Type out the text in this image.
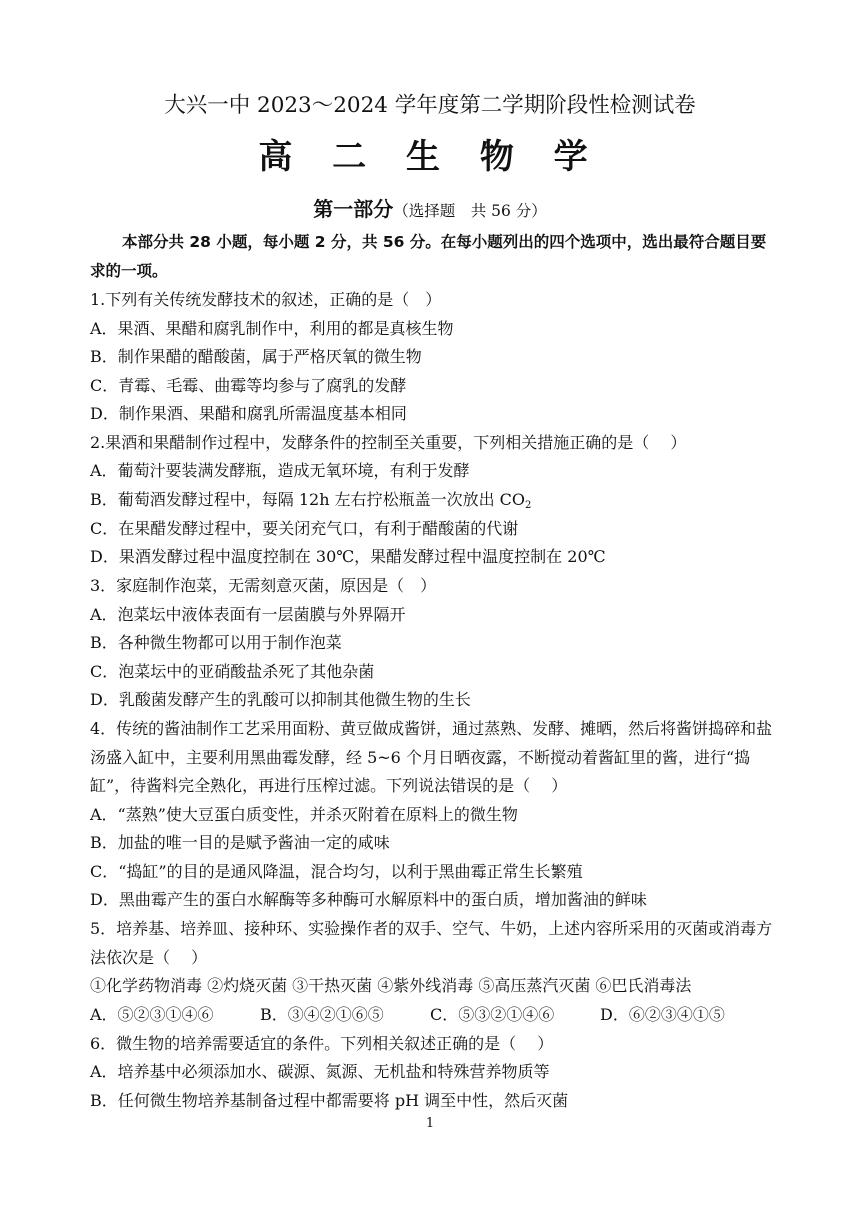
大兴一中 2023～2024 学年度第二学期阶段性检测试卷
高 二 生 物 学
第一部分（选择题　共 56 分）
本部分共 28 小题，每小题 2 分，共 56 分。在每小题列出的四个选项中，选出最符合题目要求的一项。
1.下列有关传统发酵技术的叙述，正确的是（　）
A．果酒、果醋和腐乳制作中，利用的都是真核生物
B．制作果醋的醋酸菌，属于严格厌氧的微生物
C．青霉、毛霉、曲霉等均参与了腐乳的发酵
D．制作果酒、果醋和腐乳所需温度基本相同
2.果酒和果醋制作过程中，发酵条件的控制至关重要，下列相关措施正确的是（　 ）
A．葡萄汁要装满发酵瓶，造成无氧环境，有利于发酵
B．葡萄酒发酵过程中，每隔 12h 左右拧松瓶盖一次放出 $CO_2$
C．在果醋发酵过程中，要关闭充气口，有利于醋酸菌的代谢
D．果酒发酵过程中温度控制在 30℃，果醋发酵过程中温度控制在 20℃
3．家庭制作泡菜，无需刻意灭菌，原因是（　）
A．泡菜坛中液体表面有一层菌膜与外界隔开
B．各种微生物都可以用于制作泡菜
C．泡菜坛中的亚硝酸盐杀死了其他杂菌
D．乳酸菌发酵产生的乳酸可以抑制其他微生物的生长
4．传统的酱油制作工艺采用面粉、黄豆做成酱饼，通过蒸熟、发酵、摊晒，然后将酱饼捣碎和盐汤盛入缸中，主要利用黑曲霉发酵，经 5~6 个月日晒夜露，不断搅动着酱缸里的酱，进行“捣缸”，待酱料完全熟化，再进行压榨过滤。下列说法错误的是（　 ）
A．“蒸熟”使大豆蛋白质变性，并杀灭附着在原料上的微生物
B．加盐的唯一目的是赋予酱油一定的咸味
C．“捣缸”的目的是通风降温，混合均匀，以利于黑曲霉正常生长繁殖
D．黑曲霉产生的蛋白水解酶等多种酶可水解原料中的蛋白质，增加酱油的鲜味
5．培养基、培养皿、接种环、实验操作者的双手、空气、牛奶，上述内容所采用的灭菌或消毒方法依次是（　 ）
①化学药物消毒 ②灼烧灭菌 ③干热灭菌 ④紫外线消毒 ⑤高压蒸汽灭菌 ⑥巴氏消毒法
A．⑤②③①④⑥	B．③④②①⑥⑤	C．⑤③②①④⑥	D．⑥②③④①⑤
6．微生物的培养需要适宜的条件。下列相关叙述正确的是（　 ）
A．培养基中必须添加水、碳源、氮源、无机盐和特殊营养物质等
B．任何微生物培养基制备过程中都需要将 pH 调至中性，然后灭菌
1
